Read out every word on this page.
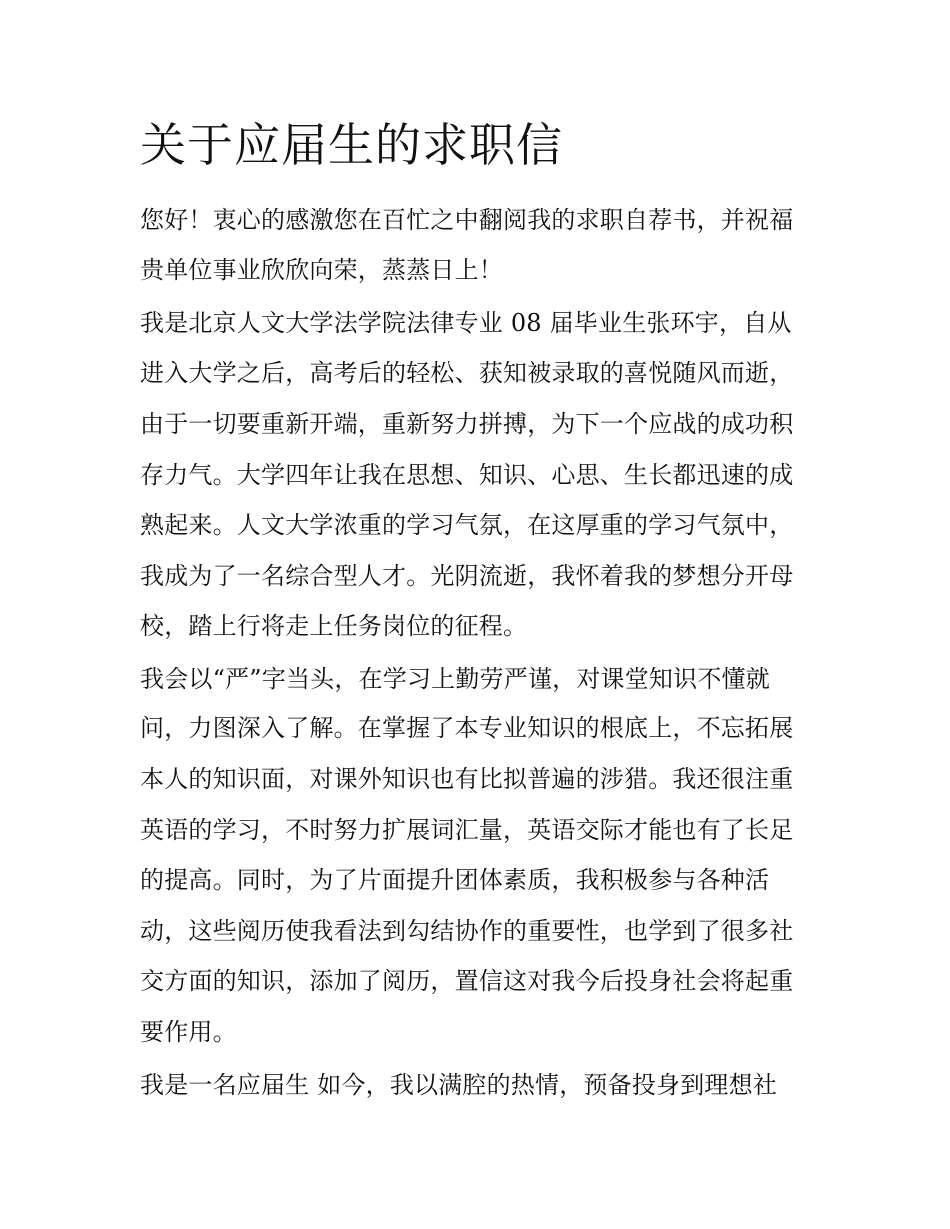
关于应届生的求职信

您好！衷心的感激您在百忙之中翻阅我的求职自荐书，并祝福

贵单位事业欣欣向荣，蒸蒸日上！

我是北京人文大学法学院法律专业 08 届毕业生张环宇，自从

进入大学之后，高考后的轻松、获知被录取的喜悦随风而逝，

由于一切要重新开端，重新努力拼搏，为下一个应战的成功积

存力气。大学四年让我在思想、知识、心思、生长都迅速的成

熟起来。人文大学浓重的学习气氛，在这厚重的学习气氛中，

我成为了一名综合型人才。光阴流逝，我怀着我的梦想分开母

校，踏上行将走上任务岗位的征程。

我会以“严”字当头，在学习上勤劳严谨，对课堂知识不懂就

问，力图深入了解。在掌握了本专业知识的根底上，不忘拓展

本人的知识面，对课外知识也有比拟普遍的涉猎。我还很注重

英语的学习，不时努力扩展词汇量，英语交际才能也有了长足

的提高。同时，为了片面提升团体素质，我积极参与各种活

动，这些阅历使我看法到勾结协作的重要性，也学到了很多社

交方面的知识，添加了阅历，置信这对我今后投身社会将起重

要作用。

我是一名应届生 如今，我以满腔的热情，预备投身到理想社
